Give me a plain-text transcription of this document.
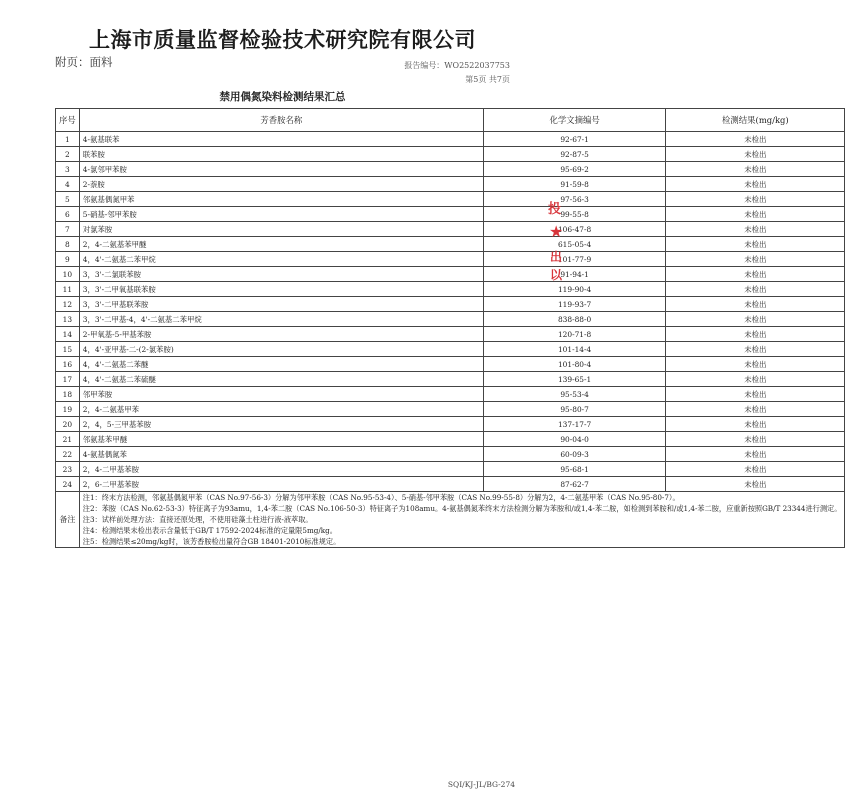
上海市质量监督检验技术研究院有限公司
附页：面料	报告编号：WO2522037753
第5页 共7页
禁用偶氮染料检测结果汇总
序号	芳香胺名称	化学文摘编号	检测结果(mg/kg)
1	4-氨基联苯	92-67-1	未检出
2	联苯胺	92-87-5	未检出
3	4-氯邻甲苯胺	95-69-2	未检出
4	2-萘胺	91-59-8	未检出
5	邻氨基偶氮甲苯	97-56-3	未检出
6	5-硝基-邻甲苯胺	99-55-8	未检出
7	对氯苯胺	106-47-8	未检出
8	2，4-二氨基苯甲醚	615-05-4	未检出
9	4，4'-二氨基二苯甲烷	101-77-9	未检出
10	3，3'-二氯联苯胺	91-94-1	未检出
11	3，3'-二甲氧基联苯胺	119-90-4	未检出
12	3，3'-二甲基联苯胺	119-93-7	未检出
13	3，3'-二甲基-4，4'-二氨基二苯甲烷	838-88-0	未检出
14	2-甲氧基-5-甲基苯胺	120-71-8	未检出
15	4，4'-亚甲基-二-(2-氯苯胺)	101-14-4	未检出
16	4，4'-二氨基二苯醚	101-80-4	未检出
17	4，4'-二氨基二苯硫醚	139-65-1	未检出
18	邻甲苯胺	95-53-4	未检出
19	2，4-二氨基甲苯	95-80-7	未检出
20	2，4，5-三甲基苯胺	137-17-7	未检出
21	邻氨基苯甲醚	90-04-0	未检出
22	4-氨基偶氮苯	60-09-3	未检出
23	2，4-二甲基苯胺	95-68-1	未检出
24	2，6-二甲基苯胺	87-62-7	未检出
备注	注1：终末方法检测，邻氨基偶氮甲苯（CAS No.97-56-3）分解为邻甲苯胺（CAS No.95-53-4）、5-硝基-邻甲苯胺（CAS No.99-55-8）分解为2，4-二氨基甲苯（CAS No.95-80-7）。
注2：苯胺（CAS No.62-53-3）特征离子为93amu，1,4-苯二胺（CAS No.106-50-3）特征离子为108amu。4-氨基偶氮苯终末方法检测分解为苯胺和/或1,4-苯二胺，如检测到苯胺和/或1,4-苯二胺，应重新按照GB/T 23344进行测定。
注3：试样前处理方法：直接还原处理，不使用硅藻土柱进行液-液萃取。
注4：检测结果未检出表示含量低于GB/T 17592-2024标准的定量限5mg/kg。
注5：检测结果≤20mg/kg时，该芳香胺检出量符合GB 18401-2010标准规定。		
投
★
出
以
SQI/KJ-JL/BG-274
